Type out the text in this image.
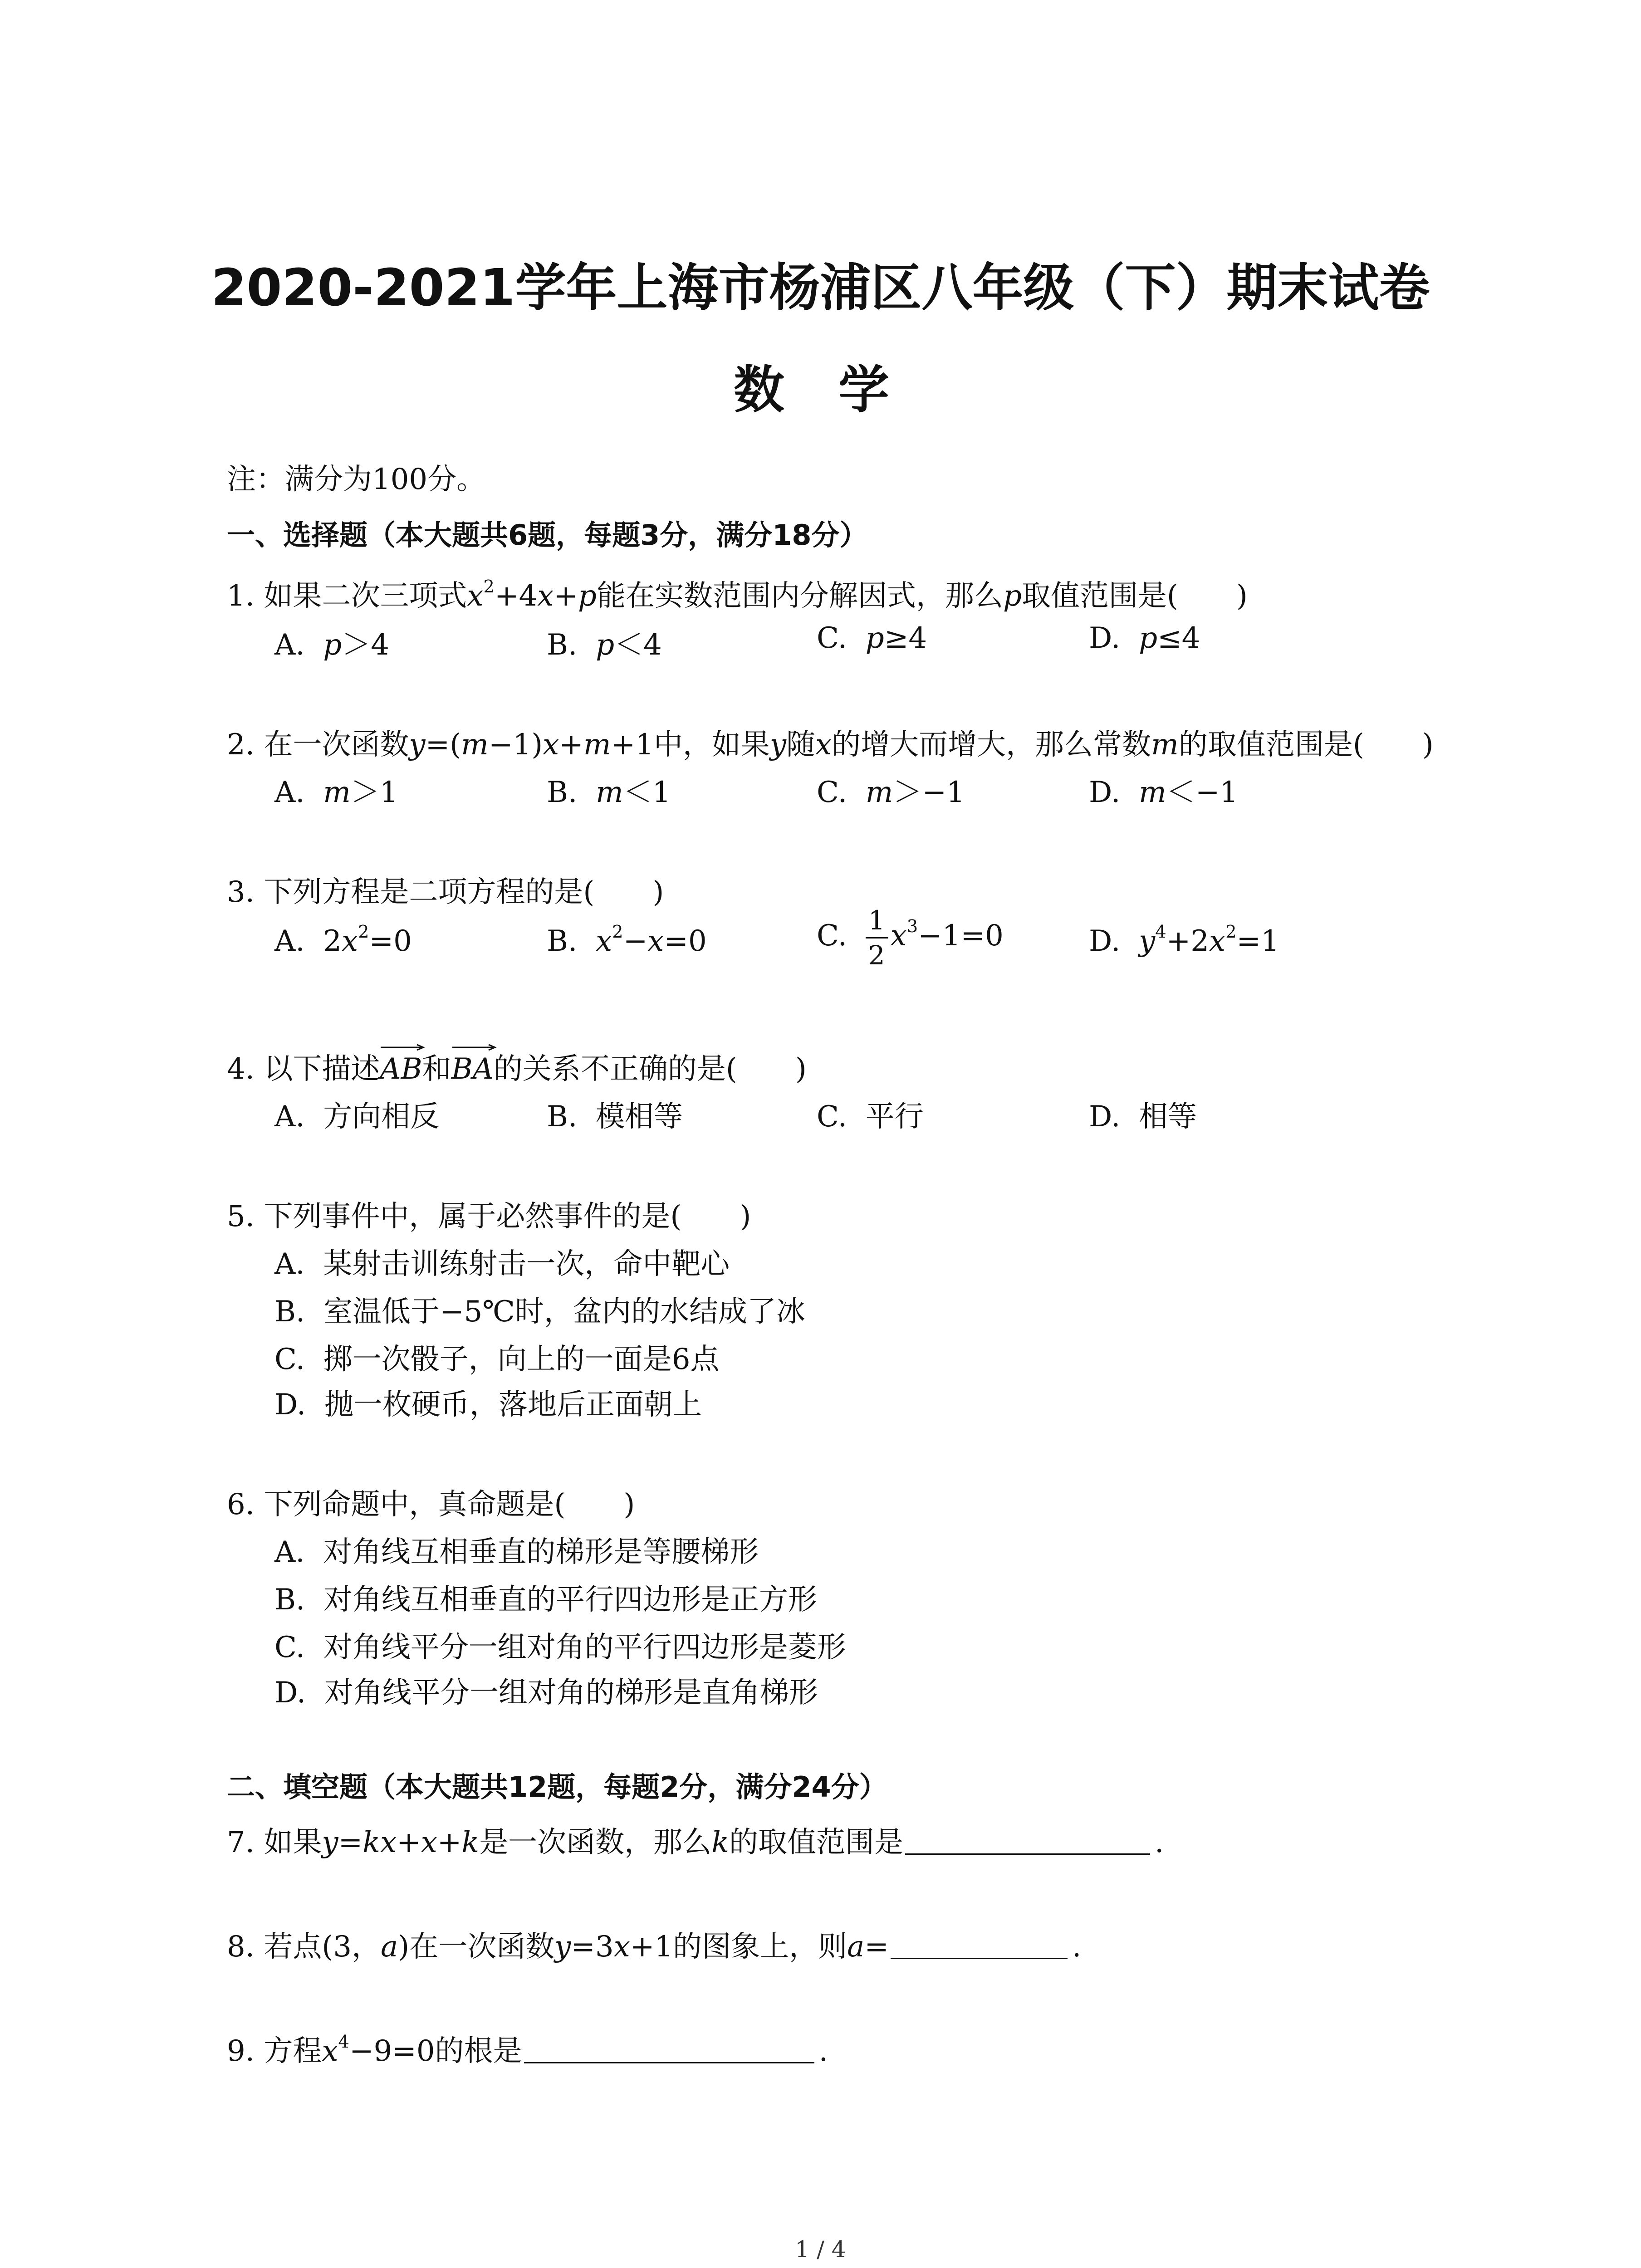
2020-2021学年上海市杨浦区八年级（下）期末试卷
数 学
注：满分为100分。
一、选择题（本大题共6题，每题3分，满分18分）
1. 如果二次三项式$x^2+4x+p$能在实数范围内分解因式，那么p取值范围是(　　)
A. p＞4	B. p＜4	C. p≥4	D. p≤4
2. 在一次函数y=(m−1)x+m+1中，如果y随x的增大而增大，那么常数m的取值范围是(　　)
A. m＞1	B. m＜1	C. m＞−1	D. m＜−1
3. 下列方程是二项方程的是(　　)
A. $2x^2=0$	B. $x^2-x=0$	C. $\frac{1}{2} x^3-1=0$	D. $y^4+2x^2=1$
4. 以下描述
AB和
BA的关系不正确的是(　　)
A. 方向相反	B. 模相等	C. 平行	D. 相等
5. 下列事件中，属于必然事件的是(　　)
A. 某射击训练射击一次，命中靶心
B. 室温低于−5℃时，盆内的水结成了冰
C. 掷一次骰子，向上的一面是6点
D. 抛一枚硬币，落地后正面朝上
6. 下列命题中，真命题是(　　)
A. 对角线互相垂直的梯形是等腰梯形
B. 对角线互相垂直的平行四边形是正方形
C. 对角线平分一组对角的平行四边形是菱形
D. 对角线平分一组对角的梯形是直角梯形
二、填空题（本大题共12题，每题2分，满分24分）
7. 如果y=kx+x+k是一次函数，那么k的取值范围是	.
8. 若点(3，a)在一次函数y=3x+1的图象上，则a=	.
9. 方程$x^4-9=0$的根是	.
1 / 4
